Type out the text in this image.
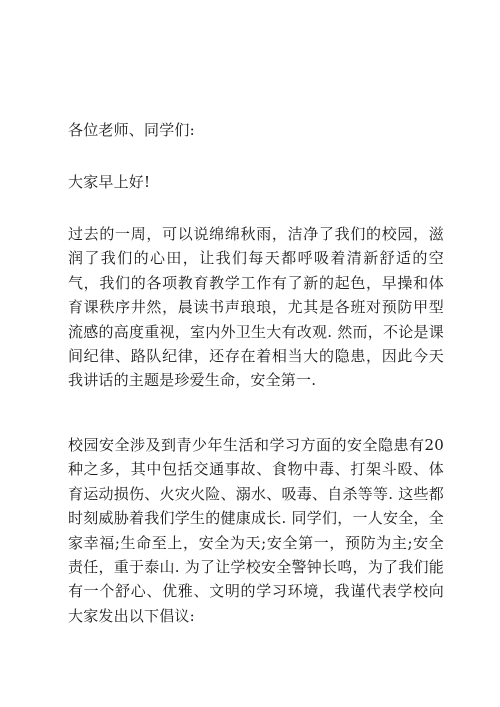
各位老师、同学们:

大家早上好!

过去的一周，可以说绵绵秋雨，洁净了我们的校园，滋润了我们的心田，让我们每天都呼吸着清新舒适的空气，我们的各项教育教学工作有了新的起色，早操和体育课秩序井然，晨读书声琅琅，尤其是各班对预防甲型流感的高度重视，室内外卫生大有改观. 然而，不论是课间纪律、路队纪律，还存在着相当大的隐患，因此今天我讲话的主题是珍爱生命，安全第一.

校园安全涉及到青少年生活和学习方面的安全隐患有20种之多，其中包括交通事故、食物中毒、打架斗殴、体育运动损伤、火灾火险、溺水、吸毒、自杀等等. 这些都时刻威胁着我们学生的健康成长. 同学们，一人安全，全家幸福;生命至上，安全为天;安全第一，预防为主;安全责任，重于泰山. 为了让学校安全警钟长鸣，为了我们能有一个舒心、优雅、文明的学习环境，我谨代表学校向大家发出以下倡议:
